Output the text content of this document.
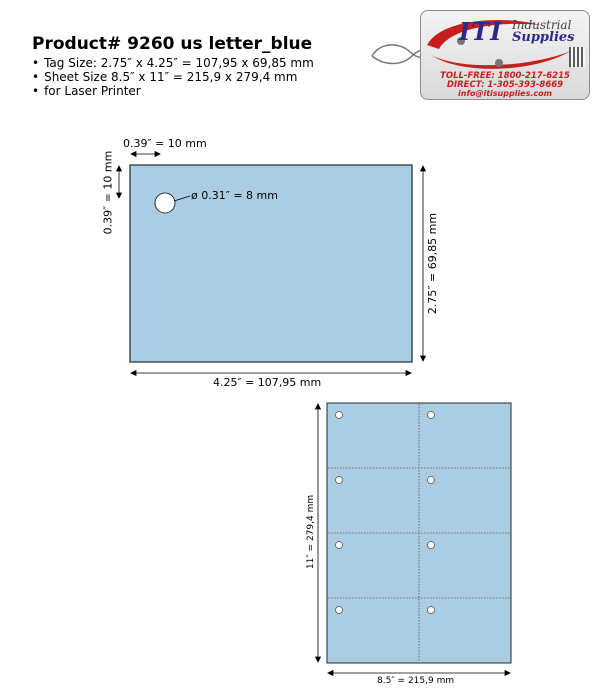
Product# 9260 us letter_blue
• Tag Size: 2.75″ x 4.25″ = 107,95 x 69,85 mm
• Sheet Size 8.5″ x 11″ = 215,9 x 279,4 mm
• for Laser Printer
ITI Industrial
Supplies
TOLL-FREE: 1800-217-6215
DIRECT: 1-305-393-8669
info@itisupplies.com
0.39″ = 10 mm
0.39″ = 10 mm	ø 0.31″ = 8 mm
2.75″ = 69,85 mm
4.25″ = 107,95 mm
11″ = 279,4 mm
8.5″ = 215,9 mm
